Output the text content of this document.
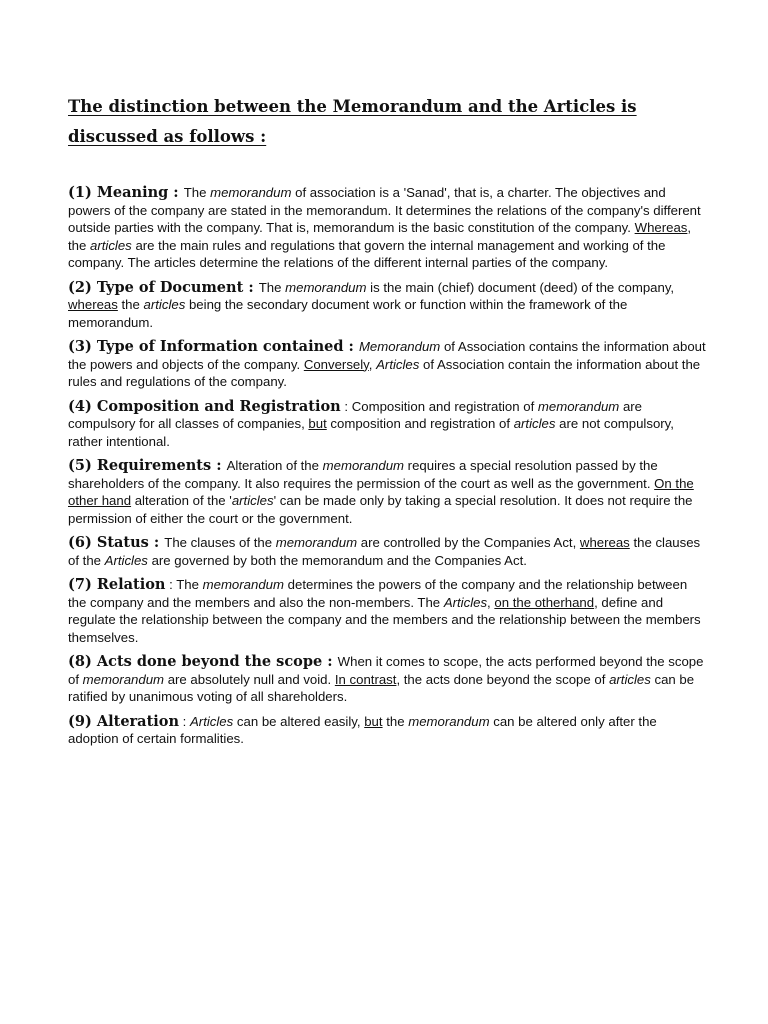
The distinction between the Memorandum and the Articles is discussed as follows :

(1) Meaning : The memorandum of association is a 'Sanad', that is, a charter. The objectives and powers of the company are stated in the memorandum. It determines the relations of the company's different outside parties with the company. That is, memorandum is the basic constitution of the company. Whereas, the articles are the main rules and regulations that govern the internal management and working of the company. The articles determine the relations of the different internal parties of the company.

(2) Type of Document : The memorandum is the main (chief) document (deed) of the company, whereas the articles being the secondary document work or function within the framework of the memorandum.

(3) Type of Information contained : Memorandum of Association contains the information about the powers and objects of the company. Conversely, Articles of Association contain the information about the rules and regulations of the company.

(4) Composition and Registration : Composition and registration of memorandum are compulsory for all classes of companies, but composition and registration of articles are not compulsory, rather intentional.

(5) Requirements : Alteration of the memorandum requires a special resolution passed by the shareholders of the company. It also requires the permission of the court as well as the government. On the other hand alteration of the 'articles' can be made only by taking a special resolution. It does not require the permission of either the court or the government.

(6) Status : The clauses of the memorandum are controlled by the Companies Act, whereas the clauses of the Articles are governed by both the memorandum and the Companies Act.

(7) Relation : The memorandum determines the powers of the company and the relationship between the company and the members and also the non-members. The Articles, on the otherhand, define and regulate the relationship between the company and the members and the relationship between the members themselves.

(8) Acts done beyond the scope : When it comes to scope, the acts performed beyond the scope of memorandum are absolutely null and void. In contrast, the acts done beyond the scope of articles can be ratified by unanimous voting of all shareholders.

(9) Alteration : Articles can be altered easily, but the memorandum can be altered only after the adoption of certain formalities.
